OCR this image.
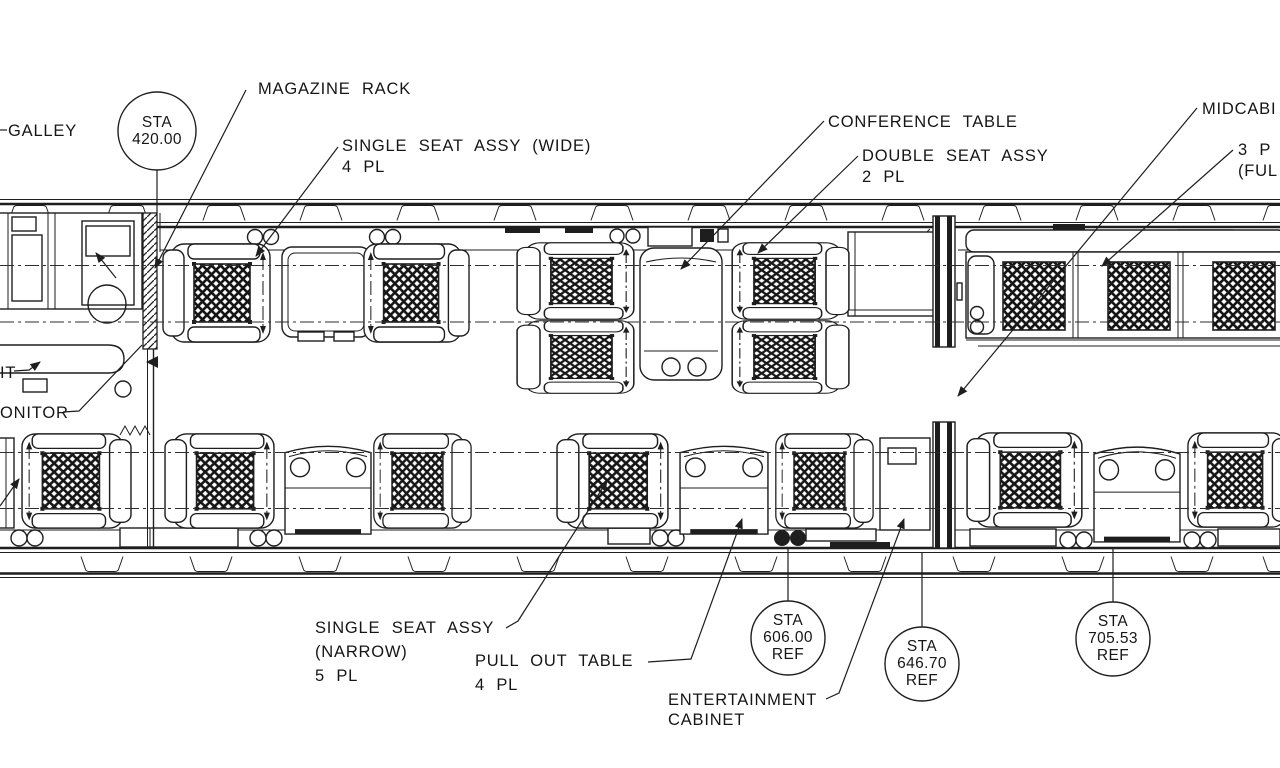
GALLEY
MAGAZINE RACK
SINGLE SEAT ASSY (WIDE)
4 PL
CONFERENCE TABLE
DOUBLE SEAT ASSY
2 PL
MIDCABI
3 P
(FUL
IT
ONITOR
SINGLE SEAT ASSY
(NARROW)
5 PL
PULL OUT TABLE
4 PL
ENTERTAINMENT
CABINET
STA
420.00
STA
606.00
REF	STA
646.70
REF
STA
705.53
REF
